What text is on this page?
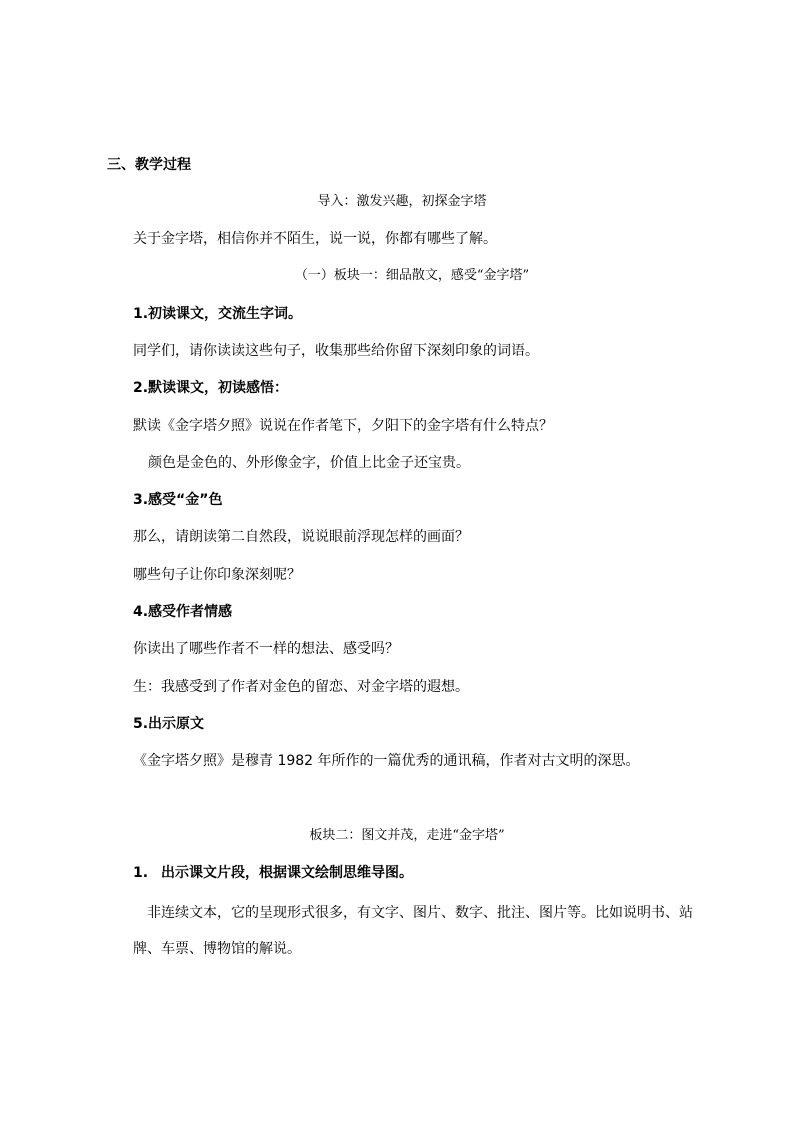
三、教学过程
导入：激发兴趣，初探金字塔
关于金字塔，相信你并不陌生，说一说，你都有哪些了解。
（一）板块一：细品散文，感受“金字塔”
1.初读课文，交流生字词。
同学们，请你读读这些句子，收集那些给你留下深刻印象的词语。
2.默读课文，初读感悟：
默读《金字塔夕照》说说在作者笔下，夕阳下的金字塔有什么特点？
颜色是金色的、外形像金字，价值上比金子还宝贵。
3.感受“金”色
那么，请朗读第二自然段，说说眼前浮现怎样的画面？
哪些句子让你印象深刻呢？
4.感受作者情感
你读出了哪些作者不一样的想法、感受吗？
生：我感受到了作者对金色的留恋、对金字塔的遐想。
5.出示原文
《金字塔夕照》是穆青 1982 年所作的一篇优秀的通讯稿，作者对古文明的深思。
板块二：图文并茂，走进“金字塔”
1. 出示课文片段，根据课文绘制思维导图。
非连续文本，它的呈现形式很多，有文字、图片、数字、批注、图片等。比如说明书、站
牌、车票、博物馆的解说。
